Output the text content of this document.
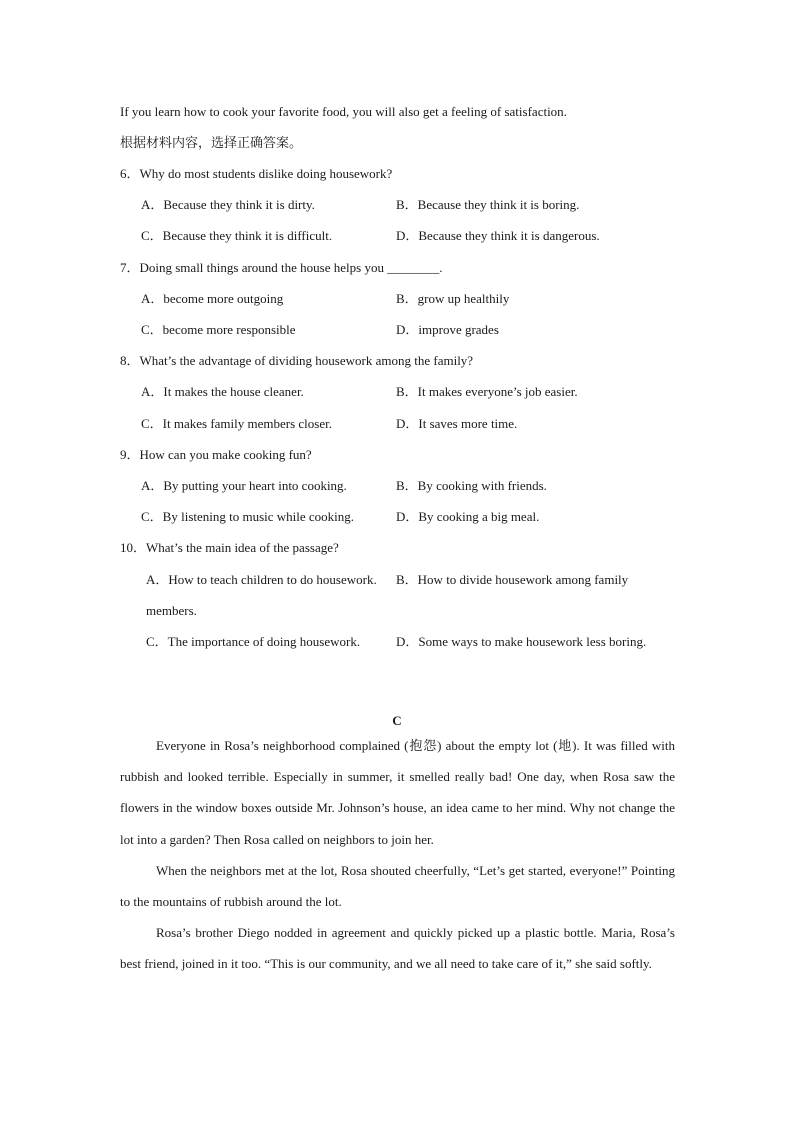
If you learn how to cook your favorite food, you will also get a feeling of satisfaction.
根据材料内容，选择正确答案。
6．Why do most students dislike doing housework?
A．Because they think it is dirty.	B．Because they think it is boring.
C．Because they think it is difficult.	D．Because they think it is dangerous.
7．Doing small things around the house helps you ________.
A．become more outgoing	B．grow up healthily
C．become more responsible	D．improve grades
8．What’s the advantage of dividing housework among the family?
A．It makes the house cleaner.	B．It makes everyone’s job easier.
C．It makes family members closer.	D．It saves more time.
9．How can you make cooking fun?
A．By putting your heart into cooking.	B．By cooking with friends.
C．By listening to music while cooking.	D．By cooking a big meal.
10．What’s the main idea of the passage?
A．How to teach children to do housework. B．How to divide housework among family
members.
C．The importance of doing housework.	D．Some ways to make housework less boring.
C
Everyone in Rosa’s neighborhood complained (抱怨) about the empty lot (地). It was filled with rubbish and looked terrible. Especially in summer, it smelled really bad! One day, when Rosa saw the flowers in the window boxes outside Mr. Johnson’s house, an idea came to her mind. Why not change the lot into a garden? Then Rosa called on neighbors to join her.
When the neighbors met at the lot, Rosa shouted cheerfully, “Let’s get started, everyone!” Pointing to the mountains of rubbish around the lot.
Rosa’s brother Diego nodded in agreement and quickly picked up a plastic bottle. Maria, Rosa’s best friend, joined in it too. “This is our community, and we all need to take care of it,” she said softly.
